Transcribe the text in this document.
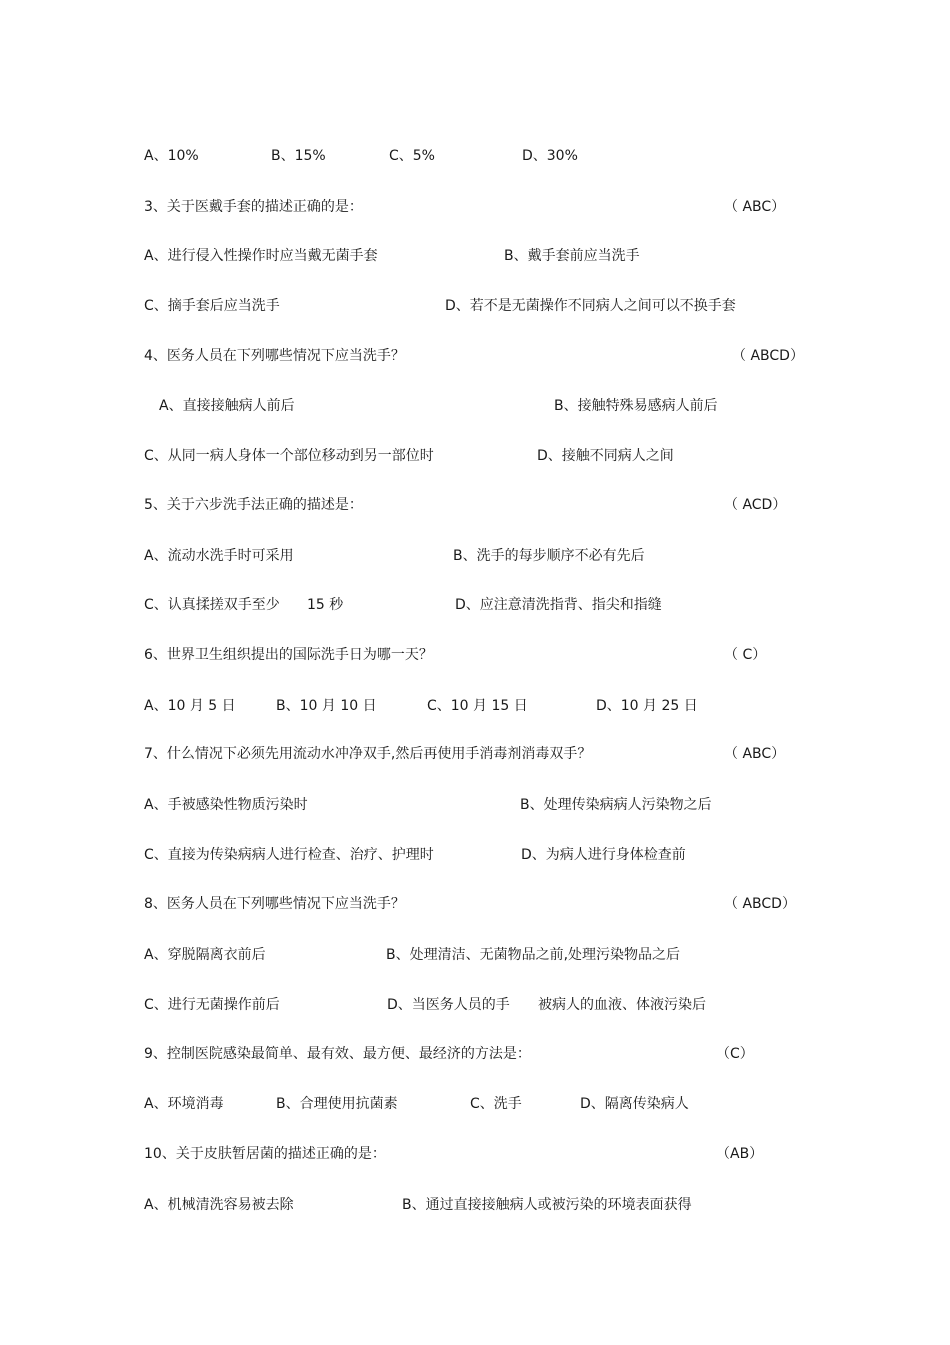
A、10%	B、15%	C、5%	D、30%
3、关于医戴手套的描述正确的是：	（ ABC）
A、进行侵入性操作时应当戴无菌手套	B、戴手套前应当洗手
C、摘手套后应当洗手	D、若不是无菌操作不同病人之间可以不换手套
4、医务人员在下列哪些情况下应当洗手？	（ ABCD）
A、直接接触病人前后	B、接触特殊易感病人前后
C、从同一病人身体一个部位移动到另一部位时	D、接触不同病人之间
5、关于六步洗手法正确的描述是：	（ ACD）
A、流动水洗手时可采用	B、洗手的每步顺序不必有先后
C、认真揉搓双手至少 15 秒	D、应注意清洗指背、指尖和指缝
6、世界卫生组织提出的国际洗手日为哪一天？	（ C）
A、10 月 5 日	B、10 月 10 日	C、10 月 15 日	D、10 月 25 日
7、什么情况下必须先用流动水冲净双手,然后再使用手消毒剂消毒双手？	（ ABC）
A、手被感染性物质污染时	B、处理传染病病人污染物之后
C、直接为传染病病人进行检查、治疗、护理时	D、为病人进行身体检查前
8、医务人员在下列哪些情况下应当洗手？	（ ABCD）
A、穿脱隔离衣前后	B、处理清洁、无菌物品之前,处理污染物品之后
C、进行无菌操作前后	D、当医务人员的手 被病人的血液、体液污染后
9、控制医院感染最简单、最有效、最方便、最经济的方法是：	（C）
A、环境消毒	B、合理使用抗菌素	C、洗手	D、隔离传染病人
10、关于皮肤暂居菌的描述正确的是：	（AB）
A、机械清洗容易被去除	B、通过直接接触病人或被污染的环境表面获得
